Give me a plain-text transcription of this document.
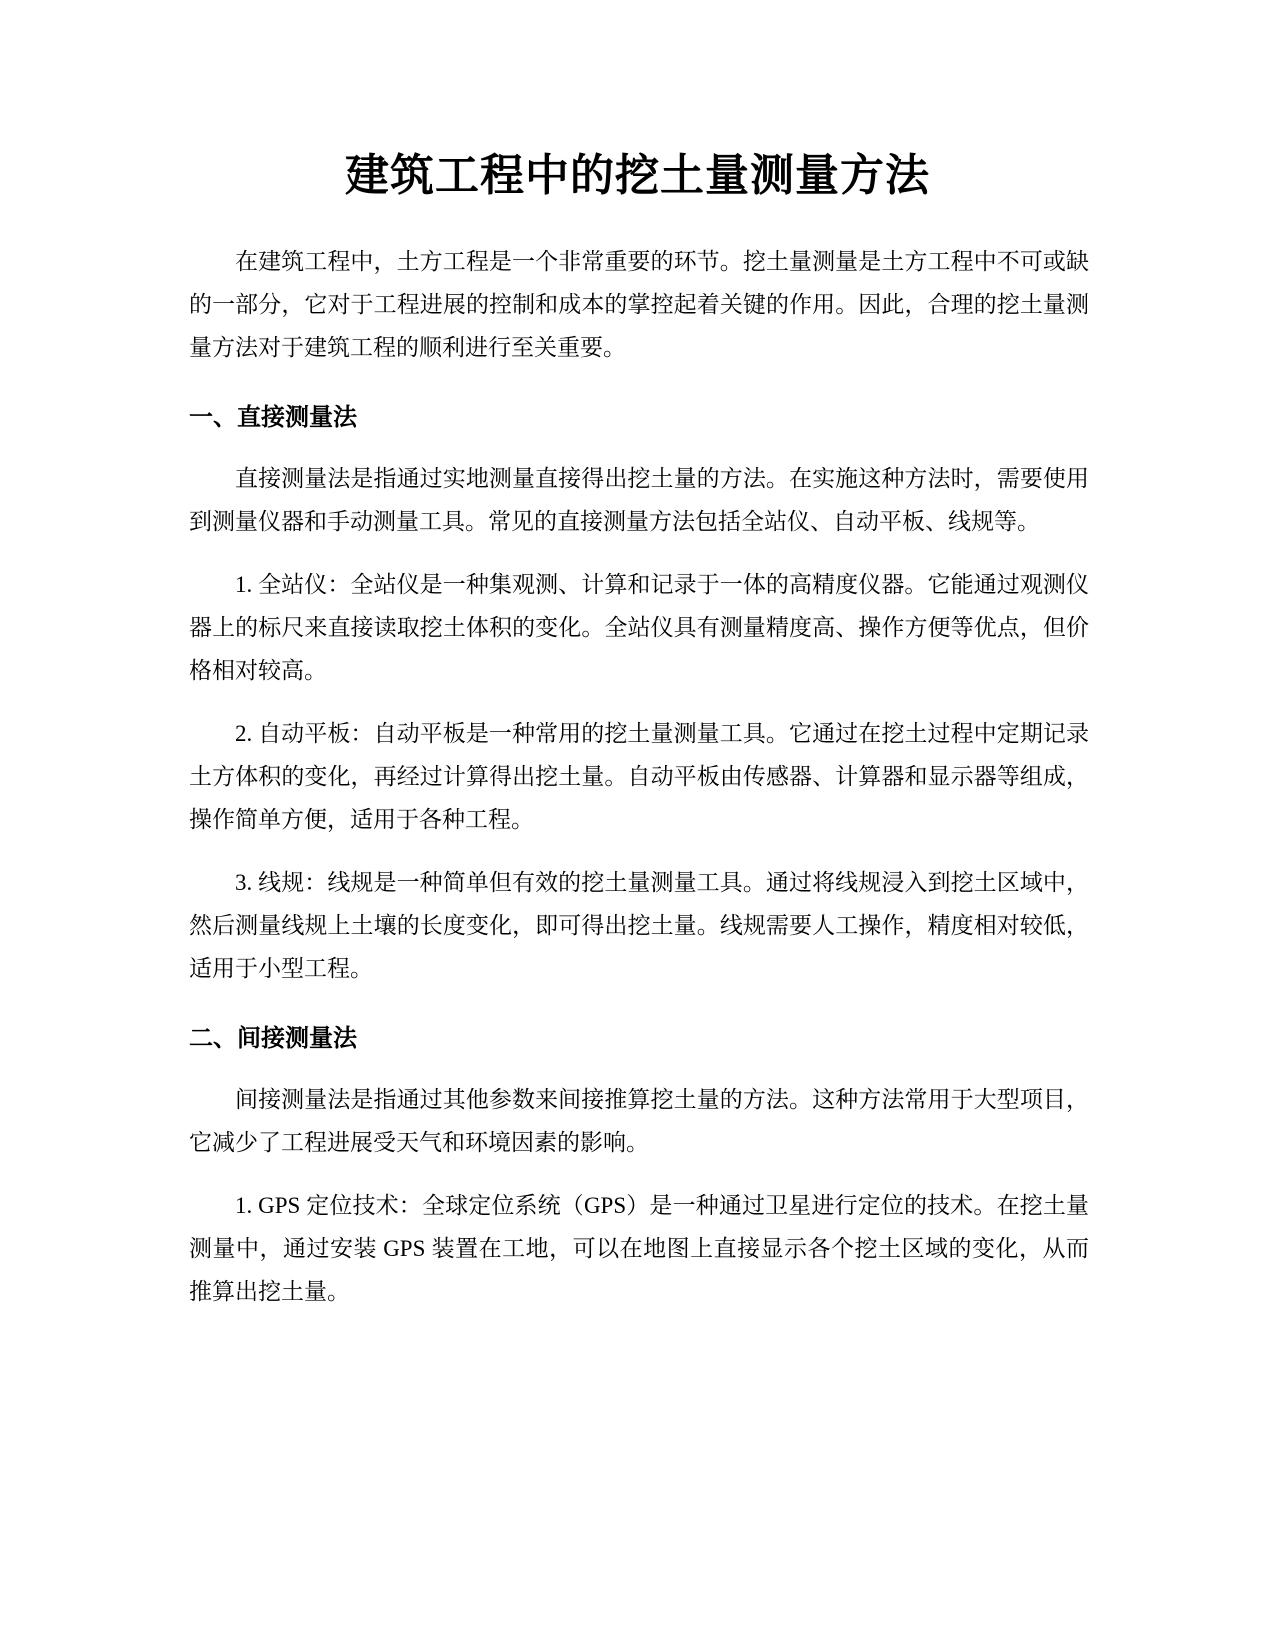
建筑工程中的挖土量测量方法

在建筑工程中，土方工程是一个非常重要的环节。挖土量测量是土方工程中不可或缺的一部分，它对于工程进展的控制和成本的掌控起着关键的作用。因此，合理的挖土量测量方法对于建筑工程的顺利进行至关重要。

一、直接测量法

直接测量法是指通过实地测量直接得出挖土量的方法。在实施这种方法时，需要使用到测量仪器和手动测量工具。常见的直接测量方法包括全站仪、自动平板、线规等。

1. 全站仪：全站仪是一种集观测、计算和记录于一体的高精度仪器。它能通过观测仪器上的标尺来直接读取挖土体积的变化。全站仪具有测量精度高、操作方便等优点，但价格相对较高。

2. 自动平板：自动平板是一种常用的挖土量测量工具。它通过在挖土过程中定期记录土方体积的变化，再经过计算得出挖土量。自动平板由传感器、计算器和显示器等组成，操作简单方便，适用于各种工程。

3. 线规：线规是一种简单但有效的挖土量测量工具。通过将线规浸入到挖土区域中，然后测量线规上土壤的长度变化，即可得出挖土量。线规需要人工操作，精度相对较低，适用于小型工程。

二、间接测量法

间接测量法是指通过其他参数来间接推算挖土量的方法。这种方法常用于大型项目，它减少了工程进展受天气和环境因素的影响。

1. GPS 定位技术：全球定位系统（GPS）是一种通过卫星进行定位的技术。在挖土量测量中，通过安装 GPS 装置在工地，可以在地图上直接显示各个挖土区域的变化，从而推算出挖土量。
